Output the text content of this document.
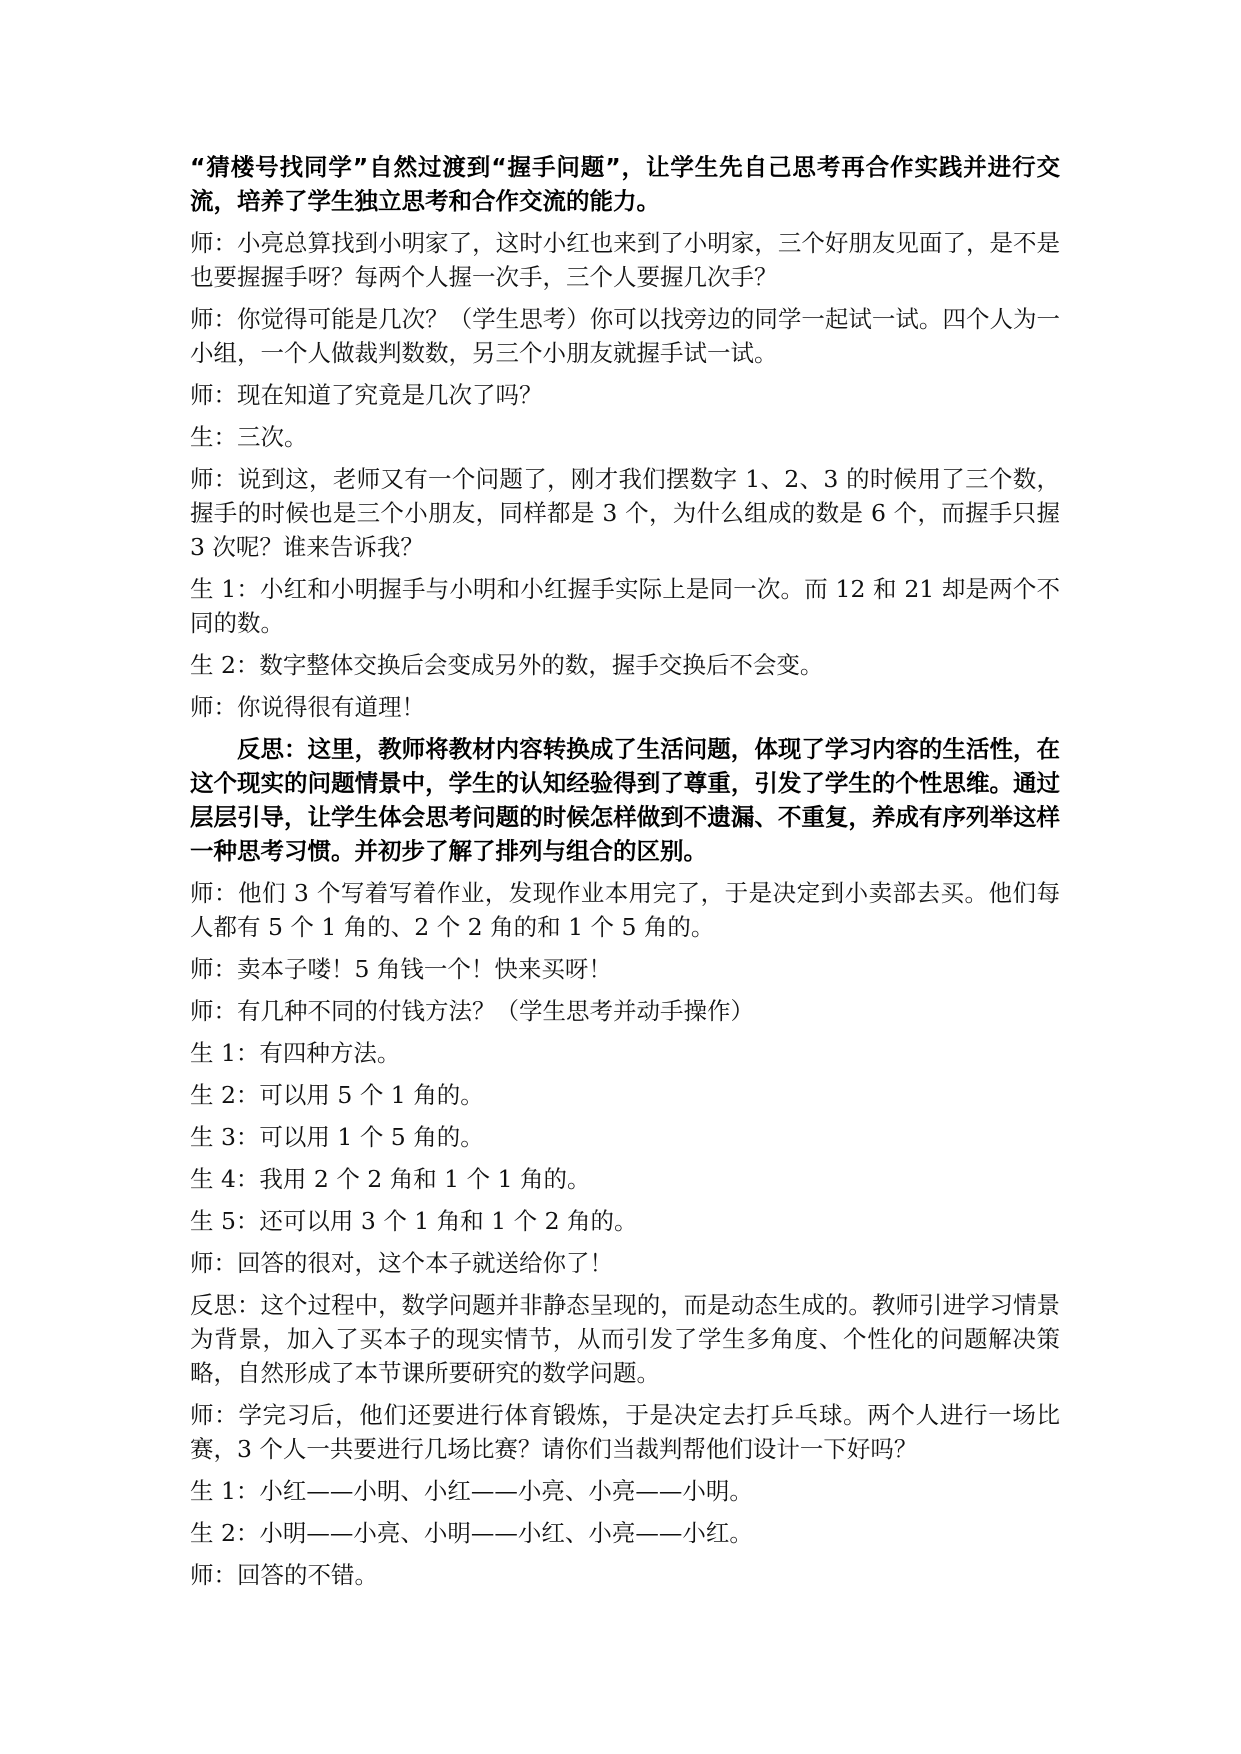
“猜楼号找同学”自然过渡到“握手问题”，让学生先自己思考再合作实践并进行交流，培养了学生独立思考和合作交流的能力。

师：小亮总算找到小明家了，这时小红也来到了小明家，三个好朋友见面了，是不是也要握握手呀？每两个人握一次手，三个人要握几次手？

师：你觉得可能是几次？（学生思考）你可以找旁边的同学一起试一试。四个人为一小组，一个人做裁判数数，另三个小朋友就握手试一试。

师：现在知道了究竟是几次了吗？

生：三次。

师：说到这，老师又有一个问题了，刚才我们摆数字 1、2、3 的时候用了三个数，握手的时候也是三个小朋友，同样都是 3 个，为什么组成的数是 6 个，而握手只握 3 次呢？谁来告诉我？

生 1：小红和小明握手与小明和小红握手实际上是同一次。而 12 和 21 却是两个不同的数。

生 2：数字整体交换后会变成另外的数，握手交换后不会变。

师：你说得很有道理！

反思：这里，教师将教材内容转换成了生活问题，体现了学习内容的生活性，在这个现实的问题情景中，学生的认知经验得到了尊重，引发了学生的个性思维。通过层层引导，让学生体会思考问题的时候怎样做到不遗漏、不重复，养成有序列举这样一种思考习惯。并初步了解了排列与组合的区别。

师：他们 3 个写着写着作业，发现作业本用完了，于是决定到小卖部去买。他们每人都有 5 个 1 角的、2 个 2 角的和 1 个 5 角的。

师：卖本子喽！5 角钱一个！快来买呀！

师：有几种不同的付钱方法？（学生思考并动手操作）

生 1：有四种方法。

生 2：可以用 5 个 1 角的。

生 3：可以用 1 个 5 角的。

生 4：我用 2 个 2 角和 1 个 1 角的。

生 5：还可以用 3 个 1 角和 1 个 2 角的。

师：回答的很对，这个本子就送给你了！

反思：这个过程中，数学问题并非静态呈现的，而是动态生成的。教师引进学习情景为背景，加入了买本子的现实情节，从而引发了学生多角度、个性化的问题解决策略，自然形成了本节课所要研究的数学问题。

师：学完习后，他们还要进行体育锻炼，于是决定去打乒乓球。两个人进行一场比赛，3 个人一共要进行几场比赛？请你们当裁判帮他们设计一下好吗？

生 1：小红——小明、小红——小亮、小亮——小明。

生 2：小明——小亮、小明——小红、小亮——小红。

师：回答的不错。
